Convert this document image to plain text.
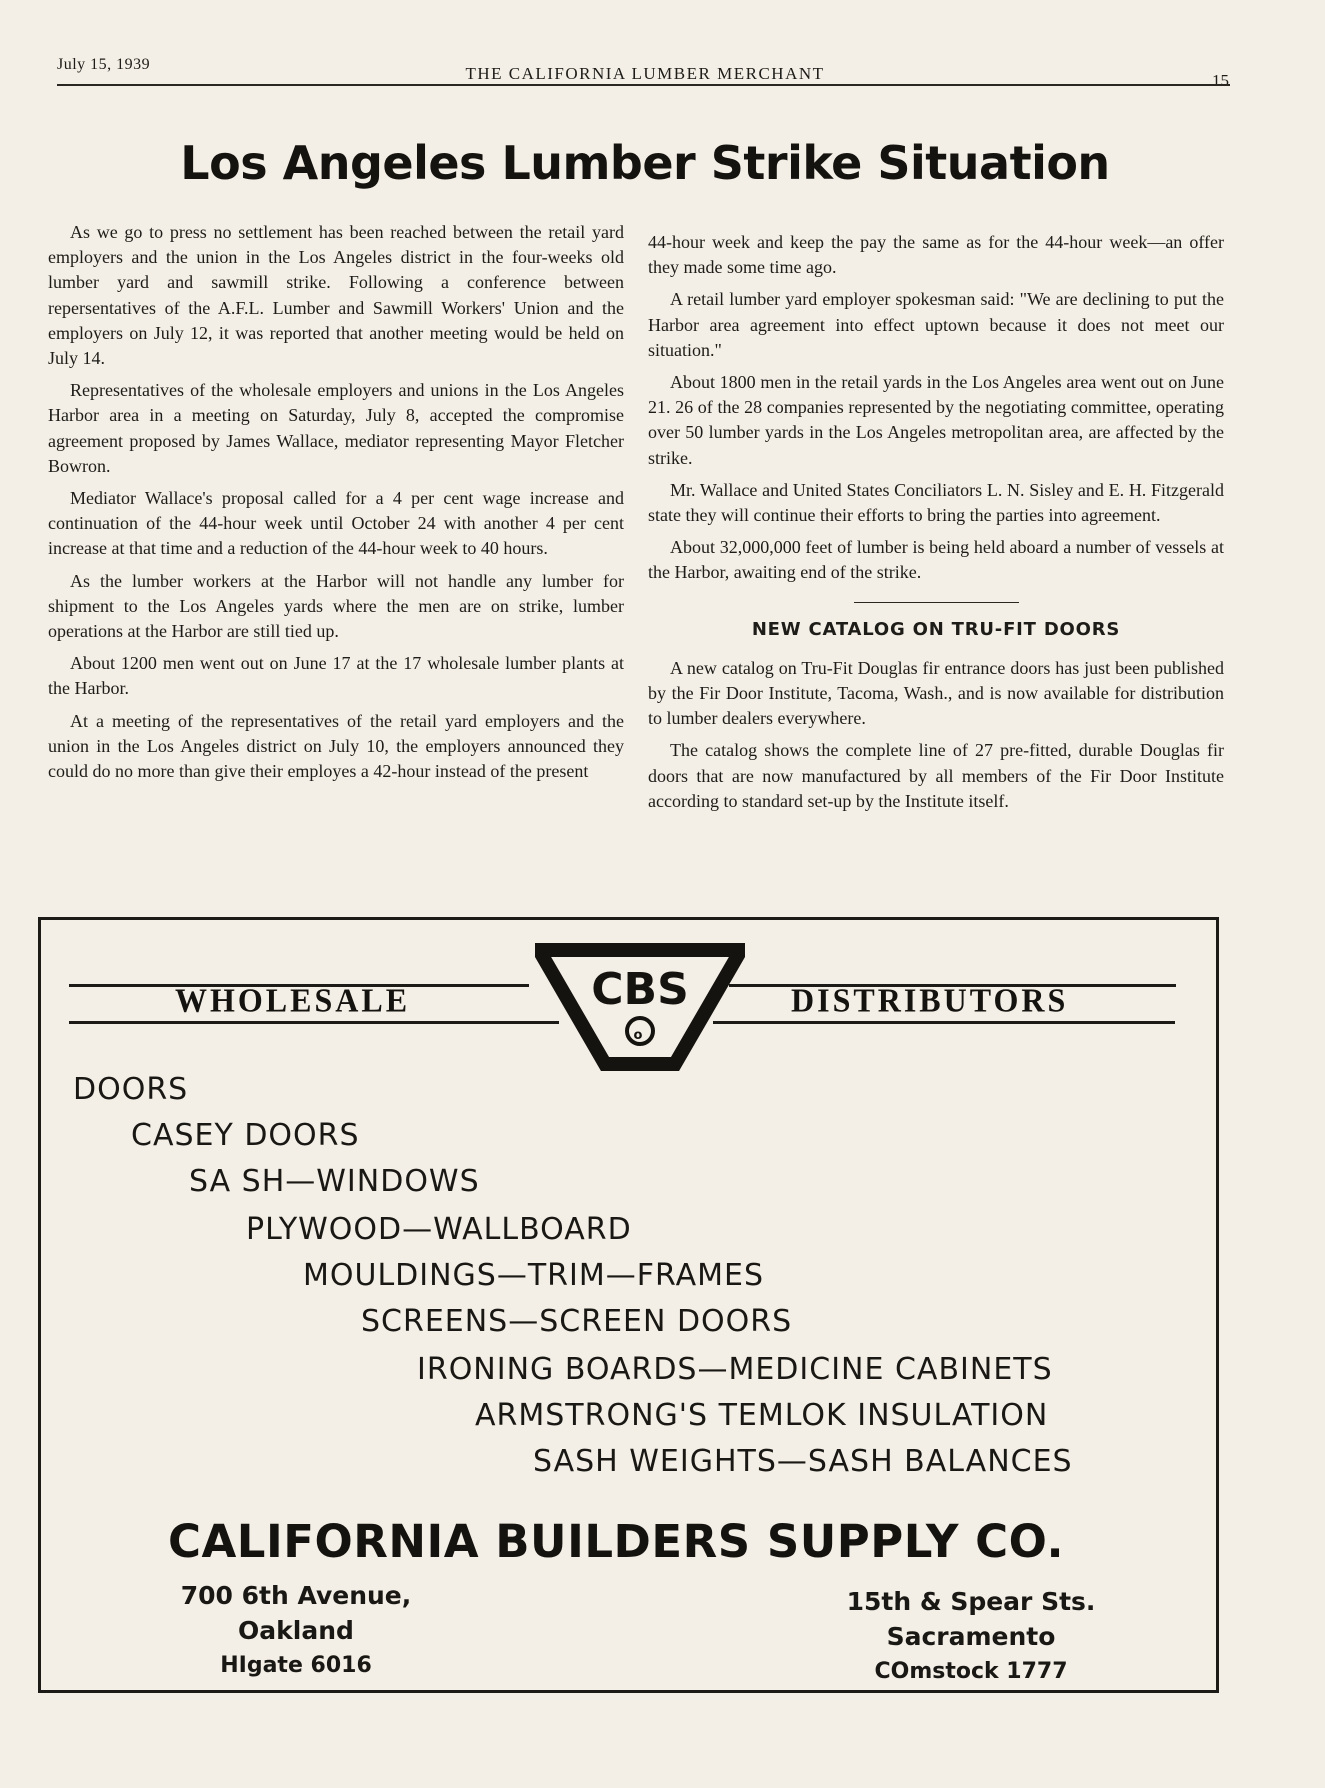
July 15, 1939	THE CALIFORNIA LUMBER MERCHANT	15
Los Angeles Lumber Strike Situation

As we go to press no settlement has been reached between the retail yard employers and the union in the Los Angeles district in the four-weeks old lumber yard and sawmill strike. Following a conference between repersentatives of the A.F.L. Lumber and Sawmill Workers' Union and the employers on July 12, it was reported that another meeting would be held on July 14.

Representatives of the wholesale employers and unions in the Los Angeles Harbor area in a meeting on Saturday, July 8, accepted the compromise agreement proposed by James Wallace, mediator representing Mayor Fletcher Bowron.

Mediator Wallace's proposal called for a 4 per cent wage increase and continuation of the 44-hour week until October 24 with another 4 per cent increase at that time and a reduction of the 44-hour week to 40 hours.

As the lumber workers at the Harbor will not handle any lumber for shipment to the Los Angeles yards where the men are on strike, lumber operations at the Harbor are still tied up.

About 1200 men went out on June 17 at the 17 wholesale lumber plants at the Harbor.

At a meeting of the representatives of the retail yard employers and the union in the Los Angeles district on July 10, the employers announced they could do no more than give their employes a 42-hour instead of the present

44-hour week and keep the pay the same as for the 44-hour week—an offer they made some time ago.

A retail lumber yard employer spokesman said: "We are declining to put the Harbor area agreement into effect uptown because it does not meet our situation."

About 1800 men in the retail yards in the Los Angeles area went out on June 21. 26 of the 28 companies represented by the negotiating committee, operating over 50 lumber yards in the Los Angeles metropolitan area, are affected by the strike.

Mr. Wallace and United States Conciliators L. N. Sisley and E. H. Fitzgerald state they will continue their efforts to bring the parties into agreement.

About 32,000,000 feet of lumber is being held aboard a number of vessels at the Harbor, awaiting end of the strike.

NEW CATALOG ON TRU-FIT DOORS

A new catalog on Tru-Fit Douglas fir entrance doors has just been published by the Fir Door Institute, Tacoma, Wash., and is now available for distribution to lumber dealers everywhere.

The catalog shows the complete line of 27 pre-fitted, durable Douglas fir doors that are now manufactured by all members of the Fir Door Institute according to standard set-up by the Institute itself.

WHOLESALE	DISTRIBUTORS
CBS
o
DOORS
CASEY DOORS
SA SH—WINDOWS
PLYWOOD—WALLBOARD
MOULDINGS—TRIM—FRAMES
SCREENS—SCREEN DOORS
IRONING BOARDS—MEDICINE CABINETS
ARMSTRONG'S TEMLOK INSULATION
SASH WEIGHTS—SASH BALANCES
CALIFORNIA BUILDERS SUPPLY CO.
700 6th Avenue,
Oakland
HIgate 6016
15th & Spear Sts.
Sacramento
COmstock 1777
